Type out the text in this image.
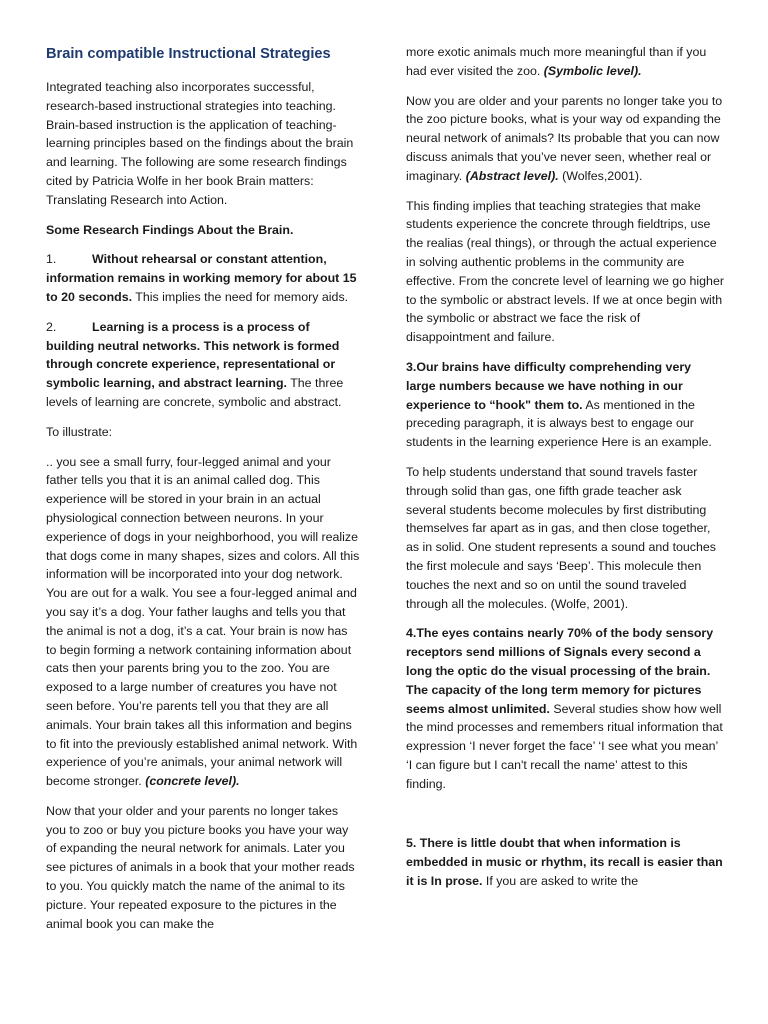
Brain compatible Instructional Strategies

Integrated teaching also incorporates successful, research-based instructional strategies into teaching. Brain-based instruction is the application of teaching-learning principles based on the findings about the brain and learning. The following are some research findings cited by Patricia Wolfe in her book Brain matters: Translating Research into Action.

Some Research Findings About the Brain.

1.	Without rehearsal or constant attention, information remains in working memory for about 15 to 20 seconds. This implies the need for memory aids.

2.	Learning is a process is a process of building neutral networks. This network is formed through concrete experience, representational or symbolic learning, and abstract learning. The three levels of learning are concrete, symbolic and abstract.

To illustrate:

.. you see a small furry, four-legged animal and your father tells you that it is an animal called dog. This experience will be stored in your brain in an actual physiological connection between neurons. In your experience of dogs in your neighborhood, you will realize that dogs come in many shapes, sizes and colors. All this information will be incorporated into your dog network. You are out for a walk. You see a four-legged animal and you say it’s a dog. Your father laughs and tells you that the animal is not a dog, it’s a cat. Your brain is now has to begin forming a network containing information about cats then your parents bring you to the zoo. You are exposed to a large number of creatures you have not seen before. You’re parents tell you that they are all animals. Your brain takes all this information and begins to fit into the previously established animal network. With experience of you’re animals, your animal network will become stronger. (concrete level).

Now that your older and your parents no longer takes you to zoo or buy you picture books you have your way of expanding the neural network for animals. Later you see pictures of animals in a book that your mother reads to you. You quickly match the name of the animal to its picture. Your repeated exposure to the pictures in the animal book you can make the

more exotic animals much more meaningful than if you had ever visited the zoo. (Symbolic level).

Now you are older and your parents no longer take you to the zoo picture books, what is your way od expanding the neural network of animals? Its probable that you can now discuss animals that you’ve never seen, whether real or imaginary. (Abstract level). (Wolfes,2001).

This finding implies that teaching strategies that make students experience the concrete through fieldtrips, use the realias (real things), or through the actual experience in solving authentic problems in the community are effective. From the concrete level of learning we go higher to the symbolic or abstract levels. If we at once begin with the symbolic or abstract we face the risk of disappointment and failure.

3.Our brains have difficulty comprehending very large numbers because we have nothing in our experience to “hook" them to. As mentioned in the preceding paragraph, it is always best to engage our students in the learning experience Here is an example.

To help students understand that sound travels faster through solid than gas, one fifth grade teacher ask several students become molecules by first distributing themselves far apart as in gas, and then close together, as in solid. One student represents a sound and touches the first molecule and says ‘Beep’. This molecule then touches the next and so on until the sound traveled through all the molecules. (Wolfe, 2001).

4.The eyes contains nearly 70% of the body sensory receptors send millions of Signals every second a long the optic do the visual processing of the brain. The capacity of the long term memory for pictures seems almost unlimited. Several studies show how well the mind processes and remembers ritual information that expression ‘I never forget the face’ ‘I see what you mean’ ‘I can figure but I can't recall the name’ attest to this finding.

5. There is little doubt that when information is embedded in music or rhythm, its recall is easier than it is In prose. If you are asked to write the
